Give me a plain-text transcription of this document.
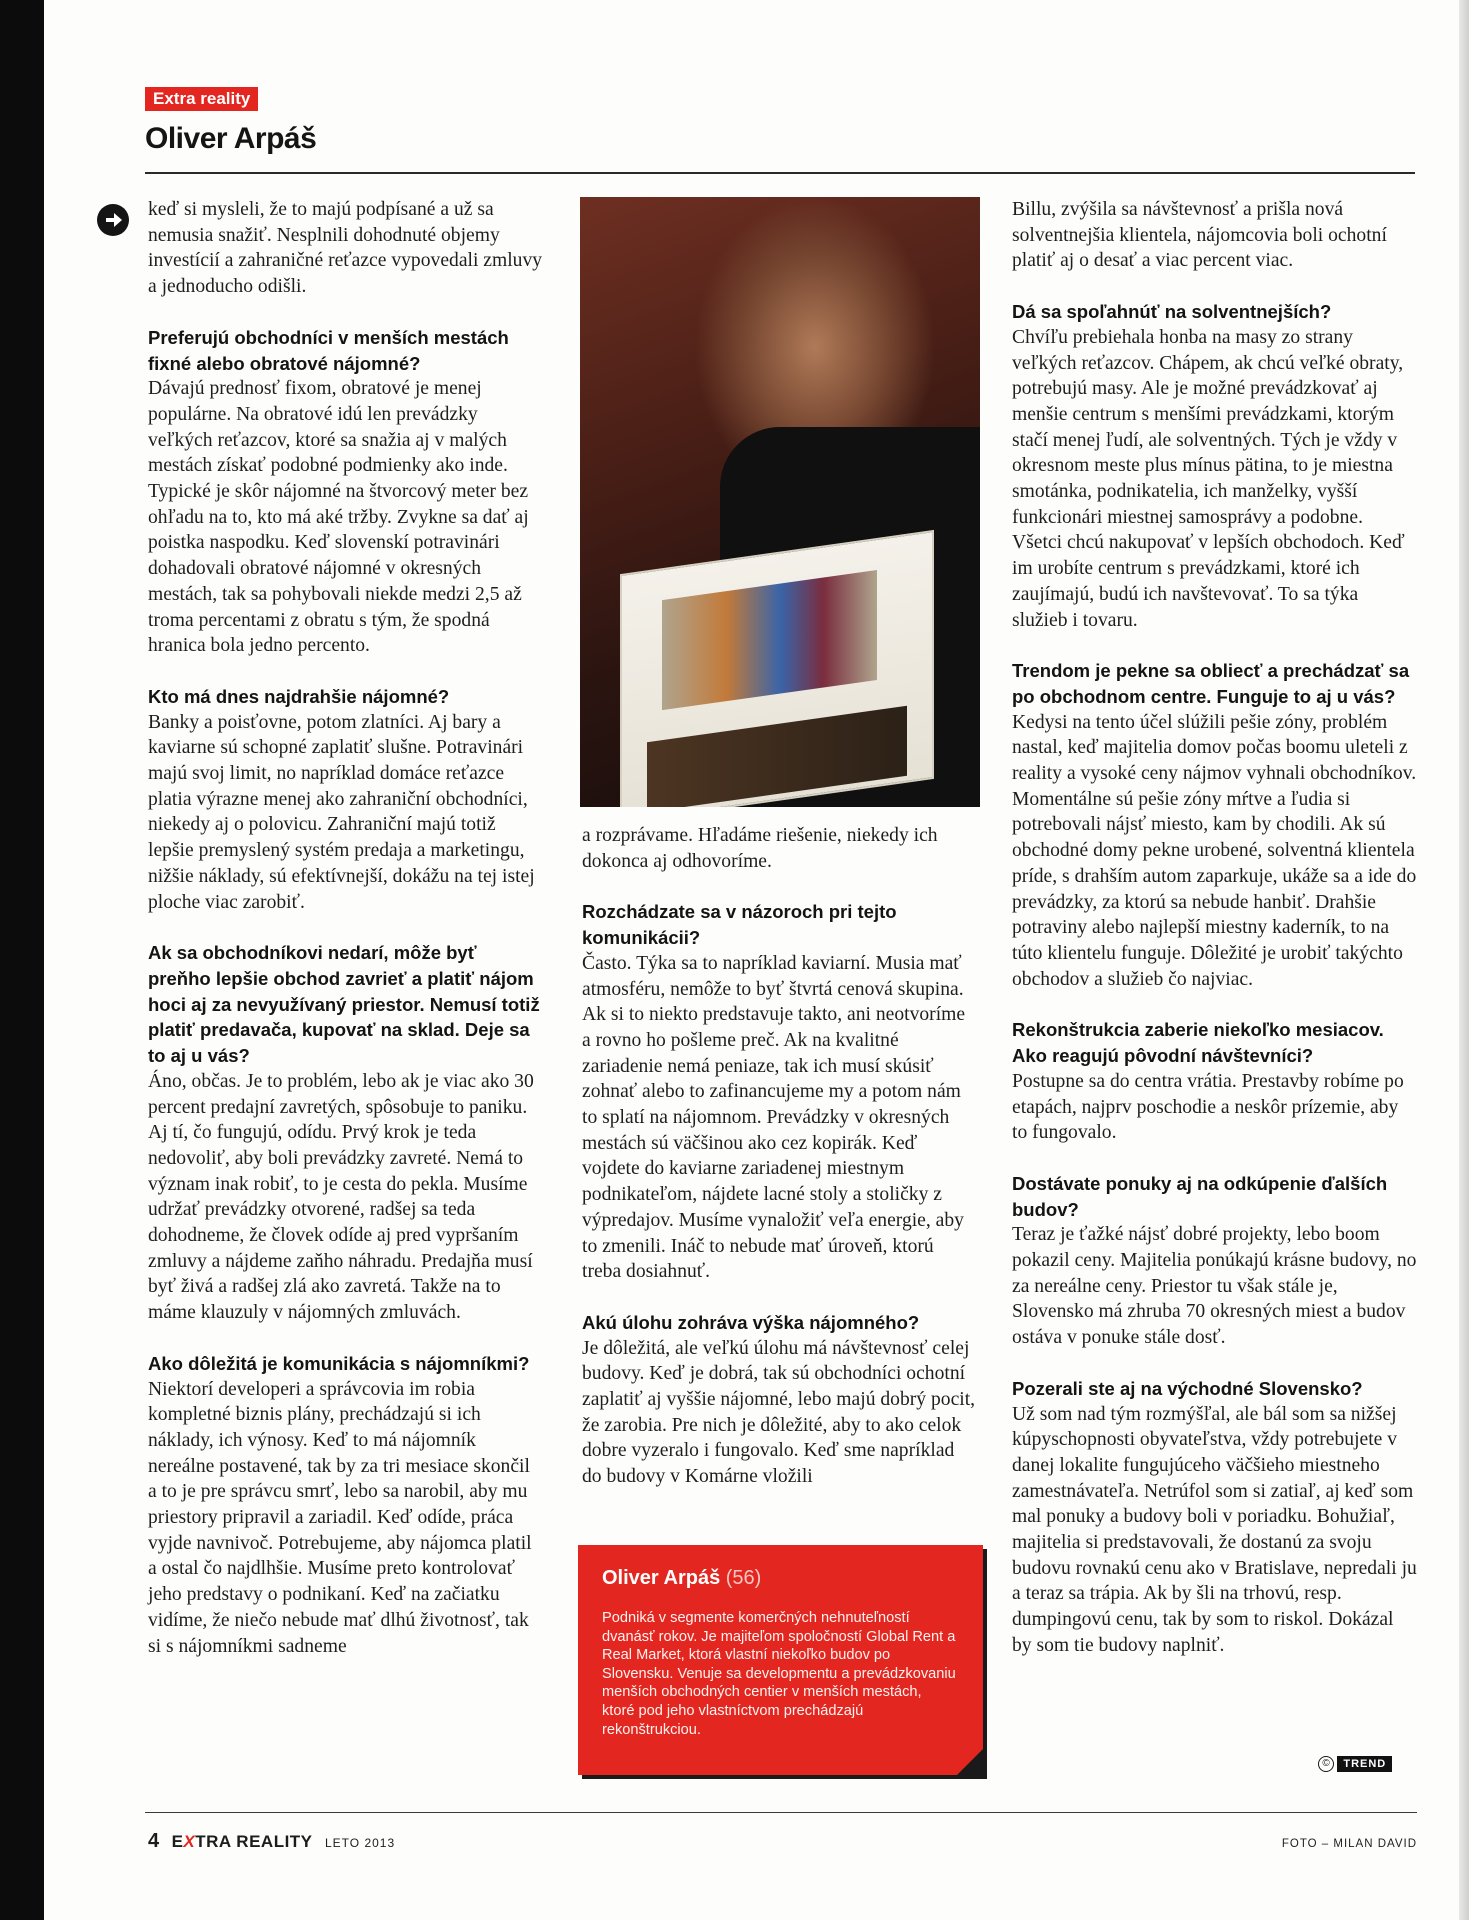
Extra reality
Oliver Arpáš

keď si mysleli, že to majú podpísané a už sa nemusia snažiť. Nesplnili dohodnuté objemy investícií a zahraničné reťazce vypovedali zmluvy a jednoducho odišli.

Preferujú obchodníci v menších mestách fixné alebo obratové nájomné?
Dávajú prednosť fixom, obratové je menej populárne. Na obratové idú len prevádzky veľkých reťazcov, ktoré sa snažia aj v malých mestách získať podobné podmienky ako inde. Typické je skôr nájomné na štvorcový meter bez ohľadu na to, kto má aké tržby. Zvykne sa dať aj poistka naspodku. Keď slovenskí potravinári dohadovali obratové nájomné v okresných mestách, tak sa pohybovali niekde medzi 2,5 až troma percentami z obratu s tým, že spodná hranica bola jedno percento.

Kto má dnes najdrahšie nájomné?
Banky a poisťovne, potom zlatníci. Aj bary a kaviarne sú schopné zaplatiť slušne. Potravinári majú svoj limit, no napríklad domáce reťazce platia výrazne menej ako zahraniční obchodníci, niekedy aj o polovicu. Zahraniční majú totiž lepšie premyslený systém predaja a marketingu, nižšie náklady, sú efektívnejší, dokážu na tej istej ploche viac zarobiť.

Ak sa obchodníkovi nedarí, môže byť preňho lepšie obchod zavrieť a platiť nájom hoci aj za nevyužívaný priestor. Nemusí totiž platiť predavača, kupovať na sklad. Deje sa to aj u vás?
Áno, občas. Je to problém, lebo ak je viac ako 30 percent predajní zavretých, spôsobuje to paniku. Aj tí, čo fungujú, odídu. Prvý krok je teda nedovoliť, aby boli prevádzky zavreté. Nemá to význam inak robiť, to je cesta do pekla. Musíme udržať prevádzky otvorené, radšej sa teda dohodneme, že človek odíde aj pred vypršaním zmluvy a nájdeme zaňho náhradu. Predajňa musí byť živá a radšej zlá ako zavretá. Takže na to máme klauzuly v nájomných zmluvách.

Ako dôležitá je komunikácia s nájomníkmi?
Niektorí developeri a správcovia im robia kompletné biznis plány, prechádzajú si ich náklady, ich výnosy. Keď to má nájomník nereálne postavené, tak by za tri mesiace skončil a to je pre správcu smrť, lebo sa narobil, aby mu priestory pripravil a zariadil. Keď odíde, práca vyjde navnivoč. Potrebujeme, aby nájomca platil a ostal čo najdlhšie. Musíme preto kontrolovať jeho predstavy o podnikaní. Keď na začiatku vidíme, že niečo nebude mať dlhú životnosť, tak si s nájomníkmi sadneme

a rozprávame. Hľadáme riešenie, niekedy ich dokonca aj odhovoríme.

Rozchádzate sa v názoroch pri tejto komunikácii?
Často. Týka sa to napríklad kaviarní. Musia mať atmosféru, nemôže to byť štvrtá cenová skupina. Ak si to niekto predstavuje takto, ani neotvoríme a rovno ho pošleme preč. Ak na kvalitné zariadenie nemá peniaze, tak ich musí skúsiť zohnať alebo to zafinancujeme my a potom nám to splatí na nájomnom. Prevádzky v okresných mestách sú väčšinou ako cez kopirák. Keď vojdete do kaviarne zariadenej miestnym podnikateľom, nájdete lacné stoly a stoličky z výpredajov. Musíme vynaložiť veľa energie, aby to zmenili. Ináč to nebude mať úroveň, ktorú treba dosiahnuť.

Akú úlohu zohráva výška nájomného?
Je dôležitá, ale veľkú úlohu má návštevnosť celej budovy. Keď je dobrá, tak sú obchodníci ochotní zaplatiť aj vyššie nájomné, lebo majú dobrý pocit, že zarobia. Pre nich je dôležité, aby to ako celok dobre vyzeralo i fungovalo. Keď sme napríklad do budovy v Komárne vložili

Oliver Arpáš (56)
Podniká v segmente komerčných nehnuteľností dvanásť rokov. Je majiteľom spoločností Global Rent a Real Market, ktorá vlastní niekoľko budov po Slovensku. Venuje sa developmentu a prevádzkovaniu menších obchodných centier v menších mestách, ktoré pod jeho vlastníctvom prechádzajú rekonštrukciou.

Billu, zvýšila sa návštevnosť a prišla nová solventnejšia klientela, nájomcovia boli ochotní platiť aj o desať a viac percent viac.

Dá sa spoľahnúť na solventnejších?
Chvíľu prebiehala honba na masy zo strany veľkých reťazcov. Chápem, ak chcú veľké obraty, potrebujú masy. Ale je možné prevádzkovať aj menšie centrum s menšími prevádzkami, ktorým stačí menej ľudí, ale solventných. Tých je vždy v okresnom meste plus mínus pätina, to je miestna smotánka, podnikatelia, ich manželky, vyšší funkcionári miestnej samosprávy a podobne. Všetci chcú nakupovať v lepších obchodoch. Keď im urobíte centrum s prevádzkami, ktoré ich zaujímajú, budú ich navštevovať. To sa týka služieb i tovaru.

Trendom je pekne sa obliecť a prechádzať sa po obchodnom centre. Funguje to aj u vás?
Kedysi na tento účel slúžili pešie zóny, problém nastal, keď majitelia domov počas boomu uleteli z reality a vysoké ceny nájmov vyhnali obchodníkov. Momentálne sú pešie zóny mŕtve a ľudia si potrebovali nájsť miesto, kam by chodili. Ak sú obchodné domy pekne urobené, solventná klientela príde, s drahším autom zaparkuje, ukáže sa a ide do prevádzky, za ktorú sa nebude hanbiť. Drahšie potraviny alebo najlepší miestny kaderník, to na túto klientelu funguje. Dôležité je urobiť takýchto obchodov a služieb čo najviac.

Rekonštrukcia zaberie niekoľko mesiacov. Ako reagujú pôvodní návštevníci?
Postupne sa do centra vrátia. Prestavby robíme po etapách, najprv poschodie a neskôr prízemie, aby to fungovalo.

Dostávate ponuky aj na odkúpenie ďalších budov?
Teraz je ťažké nájsť dobré projekty, lebo boom pokazil ceny. Majitelia ponúkajú krásne budovy, no za nereálne ceny. Priestor tu však stále je, Slovensko má zhruba 70 okresných miest a budov ostáva v ponuke stále dosť.

Pozerali ste aj na východné Slovensko?
Už som nad tým rozmýšľal, ale bál som sa nižšej kúpyschopnosti obyvateľstva, vždy potrebujete v danej lokalite fungujúceho väčšieho miestneho zamestnávateľa. Netrúfol som si zatiaľ, aj keď som mal ponuky a budovy boli v poriadku. Bohužiaľ, majitelia si predstavovali, že dostanú za svoju budovu rovnakú cenu ako v Bratislave, nepredali ju a teraz sa trápia. Ak by šli na trhovú, resp. dumpingovú cenu, tak by som to riskol. Dokázal by som tie budovy naplniť.

© TREND
4 EXTRA REALITY LETO 2013	FOTO – MILAN DAVID
